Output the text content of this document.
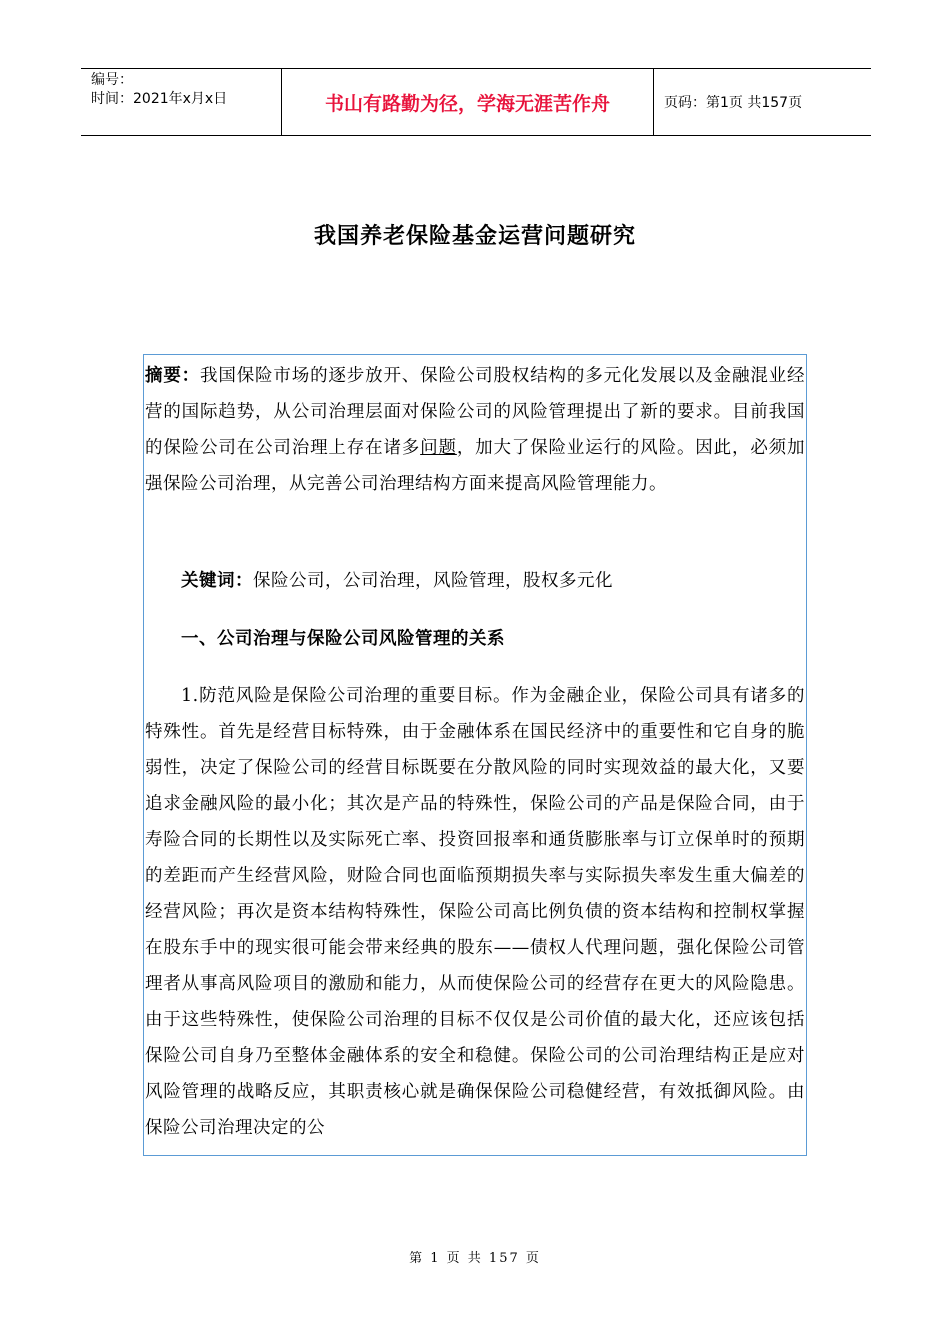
编号：
时间：2021年x月x日	书山有路勤为径，学海无涯苦作舟	页码：第1页 共157页
我国养老保险基金运营问题研究
摘要：我国保险市场的逐步放开、保险公司股权结构的多元化发展以及金融混业经营的国际趋势，从公司治理层面对保险公司的风险管理提出了新的要求。目前我国的保险公司在公司治理上存在诸多问题，加大了保险业运行的风险。因此，必须加强保险公司治理，从完善公司治理结构方面来提高风险管理能力。
关键词：保险公司，公司治理，风险管理，股权多元化
一、公司治理与保险公司风险管理的关系
1.防范风险是保险公司治理的重要目标。作为金融企业，保险公司具有诸多的特殊性。首先是经营目标特殊，由于金融体系在国民经济中的重要性和它自身的脆弱性，决定了保险公司的经营目标既要在分散风险的同时实现效益的最大化，又要追求金融风险的最小化；其次是产品的特殊性，保险公司的产品是保险合同，由于寿险合同的长期性以及实际死亡率、投资回报率和通货膨胀率与订立保单时的预期的差距而产生经营风险，财险合同也面临预期损失率与实际损失率发生重大偏差的经营风险；再次是资本结构特殊性，保险公司高比例负债的资本结构和控制权掌握在股东手中的现实很可能会带来经典的股东——债权人代理问题，强化保险公司管理者从事高风险项目的激励和能力，从而使保险公司的经营存在更大的风险隐患。由于这些特殊性，使保险公司治理的目标不仅仅是公司价值的最大化，还应该包括保险公司自身乃至整体金融体系的安全和稳健。保险公司的公司治理结构正是应对风险管理的战略反应，其职责核心就是确保保险公司稳健经营，有效抵御风险。由保险公司治理决定的公
第 1 页 共 157 页
